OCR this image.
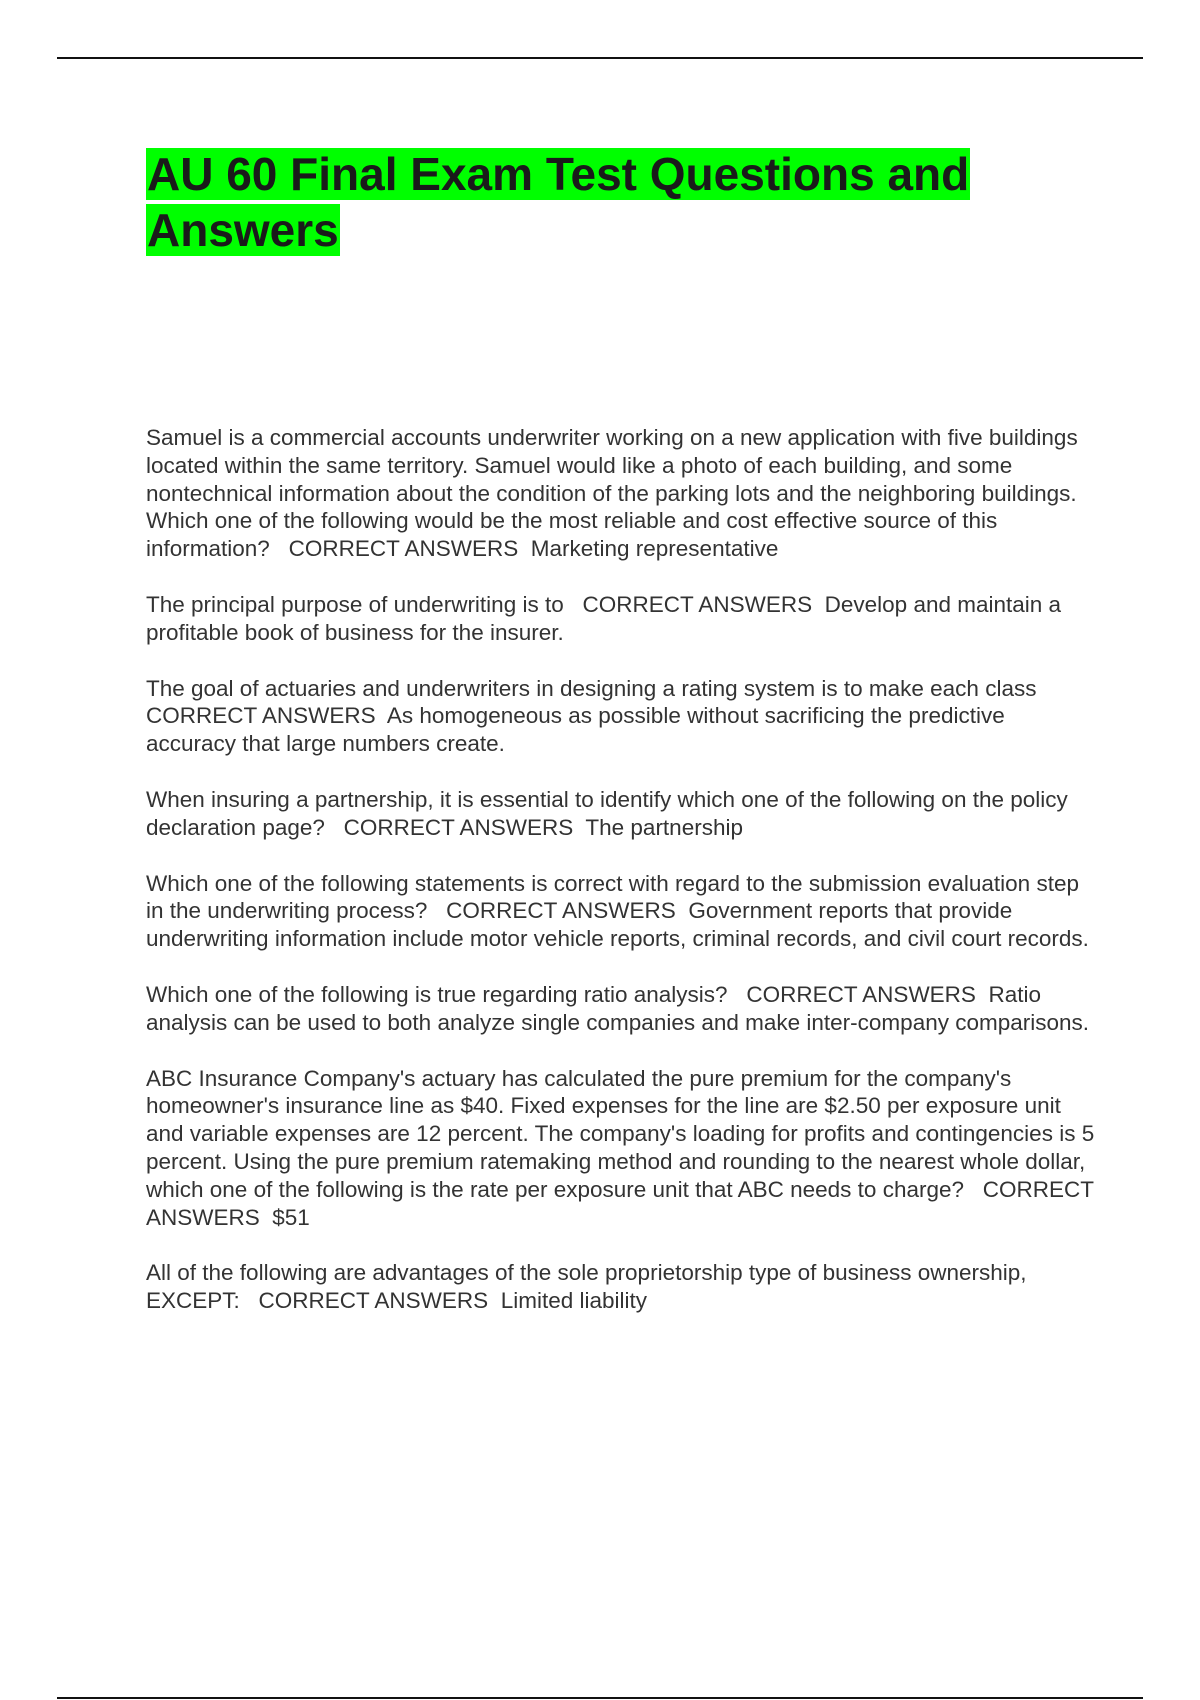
AU 60 Final Exam Test Questions and Answers

Samuel is a commercial accounts underwriter working on a new application with five buildings located within the same territory. Samuel would like a photo of each building, and some nontechnical information about the condition of the parking lots and the neighboring buildings. Which one of the following would be the most reliable and cost effective source of this information? CORRECT ANSWERS Marketing representative

The principal purpose of underwriting is to CORRECT ANSWERS Develop and maintain a profitable book of business for the insurer.

The goal of actuaries and underwriters in designing a rating system is to make each class   CORRECT ANSWERS As homogeneous as possible without sacrificing the predictive accuracy that large numbers create.

When insuring a partnership, it is essential to identify which one of the following on the policy declaration page? CORRECT ANSWERS The partnership

Which one of the following statements is correct with regard to the submission evaluation step in the underwriting process? CORRECT ANSWERS Government reports that provide underwriting information include motor vehicle reports, criminal records, and civil court records.

Which one of the following is true regarding ratio analysis? CORRECT ANSWERS Ratio analysis can be used to both analyze single companies and make inter-company comparisons.

ABC Insurance Company's actuary has calculated the pure premium for the company's homeowner's insurance line as $40. Fixed expenses for the line are $2.50 per exposure unit and variable expenses are 12 percent. The company's loading for profits and contingencies is 5 percent. Using the pure premium ratemaking method and rounding to the nearest whole dollar, which one of the following is the rate per exposure unit that ABC needs to charge? CORRECT ANSWERS $51

All of the following are advantages of the sole proprietorship type of business ownership, EXCEPT: CORRECT ANSWERS Limited liability
